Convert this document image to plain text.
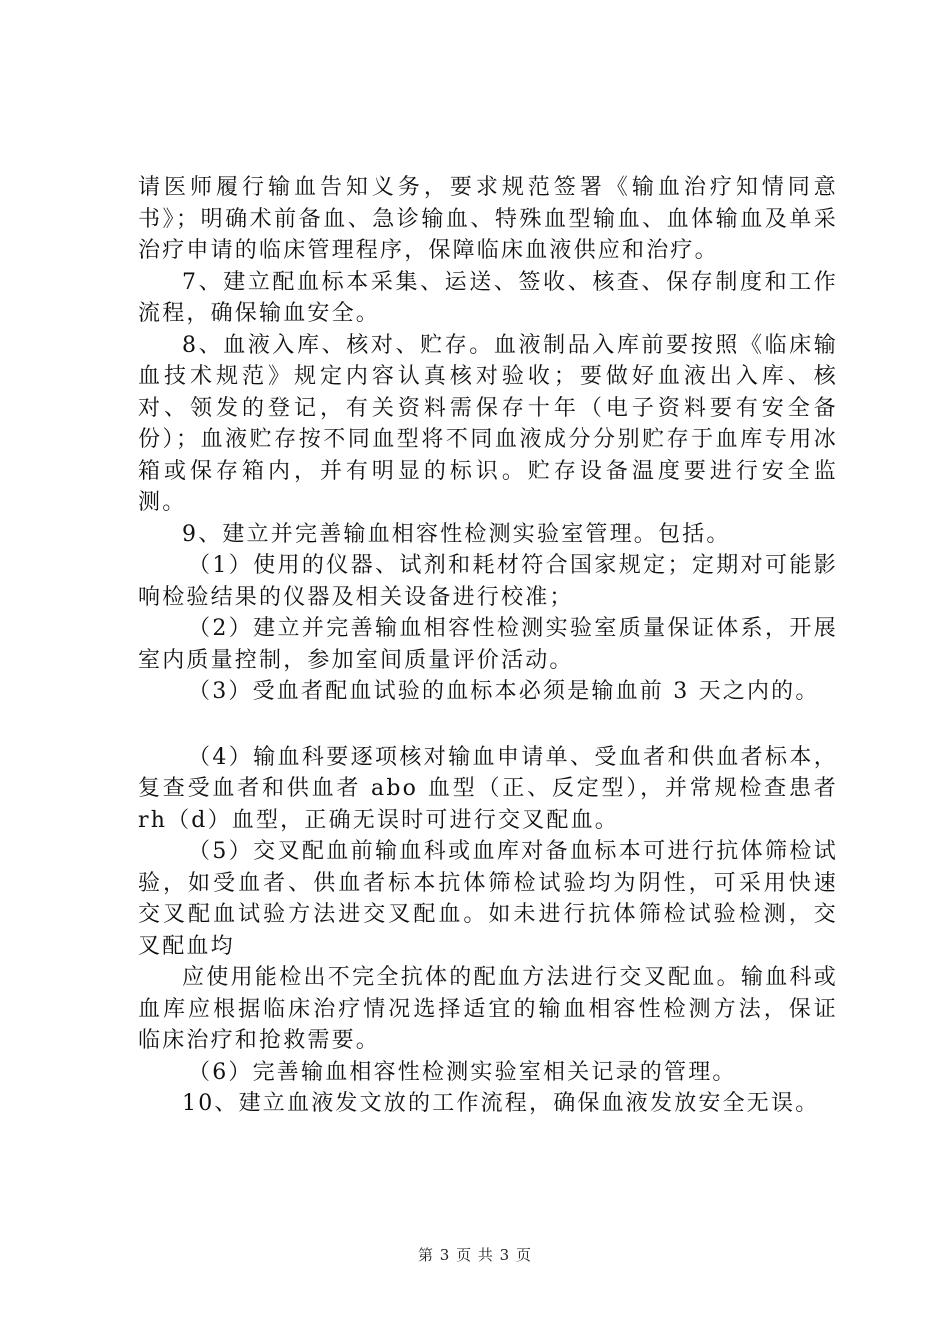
请医师履行输血告知义务，要求规范签署《输血治疗知情同意书》；明确术前备血、急诊输血、特殊血型输血、血体输血及单采治疗申请的临床管理程序，保障临床血液供应和治疗。

7、建立配血标本采集、运送、签收、核查、保存制度和工作流程，确保输血安全。

8、血液入库、核对、贮存。血液制品入库前要按照《临床输血技术规范》规定内容认真核对验收；要做好血液出入库、核对、领发的登记，有关资料需保存十年（电子资料要有安全备份）；血液贮存按不同血型将不同血液成分分别贮存于血库专用冰箱或保存箱内，并有明显的标识。贮存设备温度要进行安全监测。

9、建立并完善输血相容性检测实验室管理。包括。

（1）使用的仪器、试剂和耗材符合国家规定；定期对可能影响检验结果的仪器及相关设备进行校准；

（2）建立并完善输血相容性检测实验室质量保证体系，开展室内质量控制，参加室间质量评价活动。

（3）受血者配血试验的血标本必须是输血前 3 天之内的。

（4）输血科要逐项核对输血申请单、受血者和供血者标本，复查受血者和供血者 abo 血型（正、反定型），并常规检查患者 rh（d）血型，正确无误时可进行交叉配血。

（5）交叉配血前输血科或血库对备血标本可进行抗体筛检试验，如受血者、供血者标本抗体筛检试验均为阴性，可采用快速交叉配血试验方法进交叉配血。如未进行抗体筛检试验检测，交叉配血均

应使用能检出不完全抗体的配血方法进行交叉配血。输血科或血库应根据临床治疗情况选择适宜的输血相容性检测方法，保证临床治疗和抢救需要。

（6）完善输血相容性检测实验室相关记录的管理。

10、建立血液发文放的工作流程，确保血液发放安全无误。

第 3 页 共 3 页
